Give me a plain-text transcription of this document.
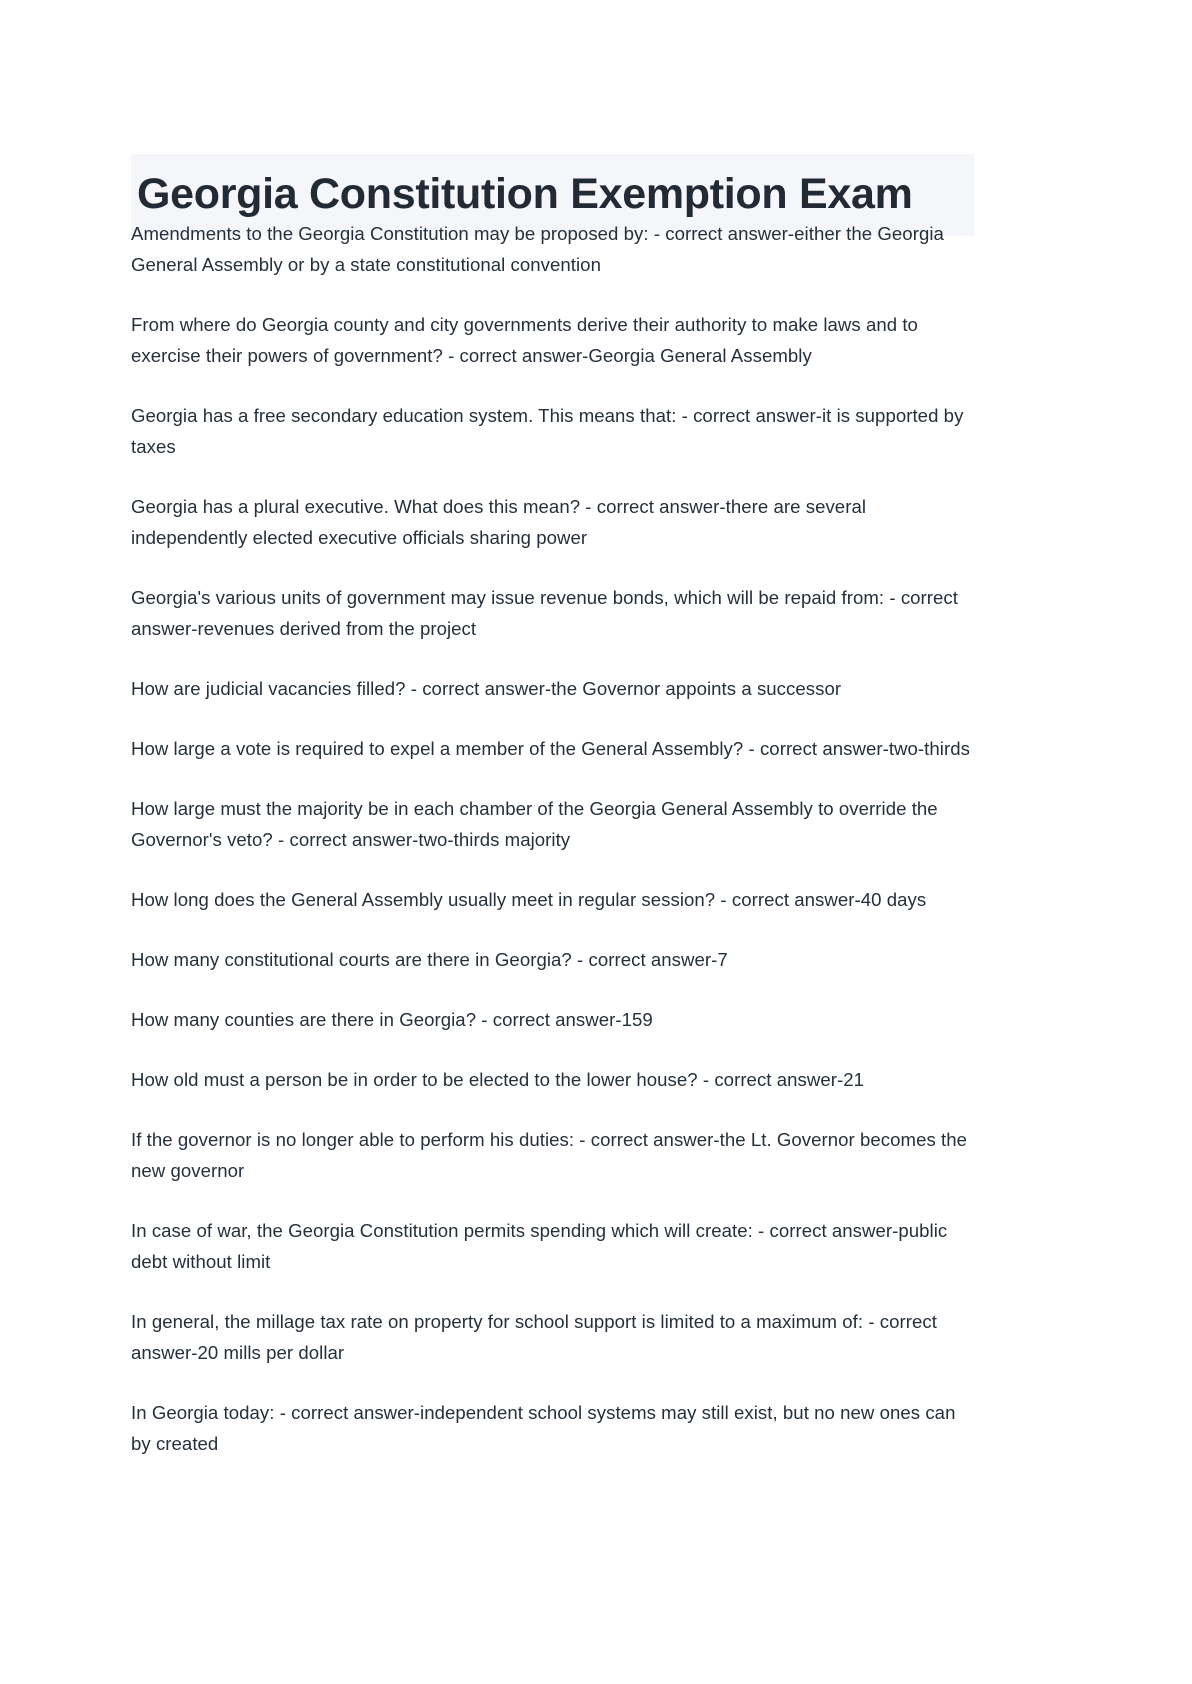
Georgia Constitution Exemption Exam

Amendments to the Georgia Constitution may be proposed by: - correct answer-either the Georgia General Assembly or by a state constitutional convention

From where do Georgia county and city governments derive their authority to make laws and to exercise their powers of government? - correct answer-Georgia General Assembly

Georgia has a free secondary education system. This means that: - correct answer-it is supported by taxes

Georgia has a plural executive. What does this mean? - correct answer-there are several independently elected executive officials sharing power

Georgia's various units of government may issue revenue bonds, which will be repaid from: - correct answer-revenues derived from the project

How are judicial vacancies filled? - correct answer-the Governor appoints a successor

How large a vote is required to expel a member of the General Assembly? - correct answer-two-thirds

How large must the majority be in each chamber of the Georgia General Assembly to override the Governor's veto? - correct answer-two-thirds majority

How long does the General Assembly usually meet in regular session? - correct answer-40 days

How many constitutional courts are there in Georgia? - correct answer-7

How many counties are there in Georgia? - correct answer-159

How old must a person be in order to be elected to the lower house? - correct answer-21

If the governor is no longer able to perform his duties: - correct answer-the Lt. Governor becomes the new governor

In case of war, the Georgia Constitution permits spending which will create: - correct answer-public debt without limit

In general, the millage tax rate on property for school support is limited to a maximum of: - correct answer-20 mills per dollar

In Georgia today: - correct answer-independent school systems may still exist, but no new ones can by created
